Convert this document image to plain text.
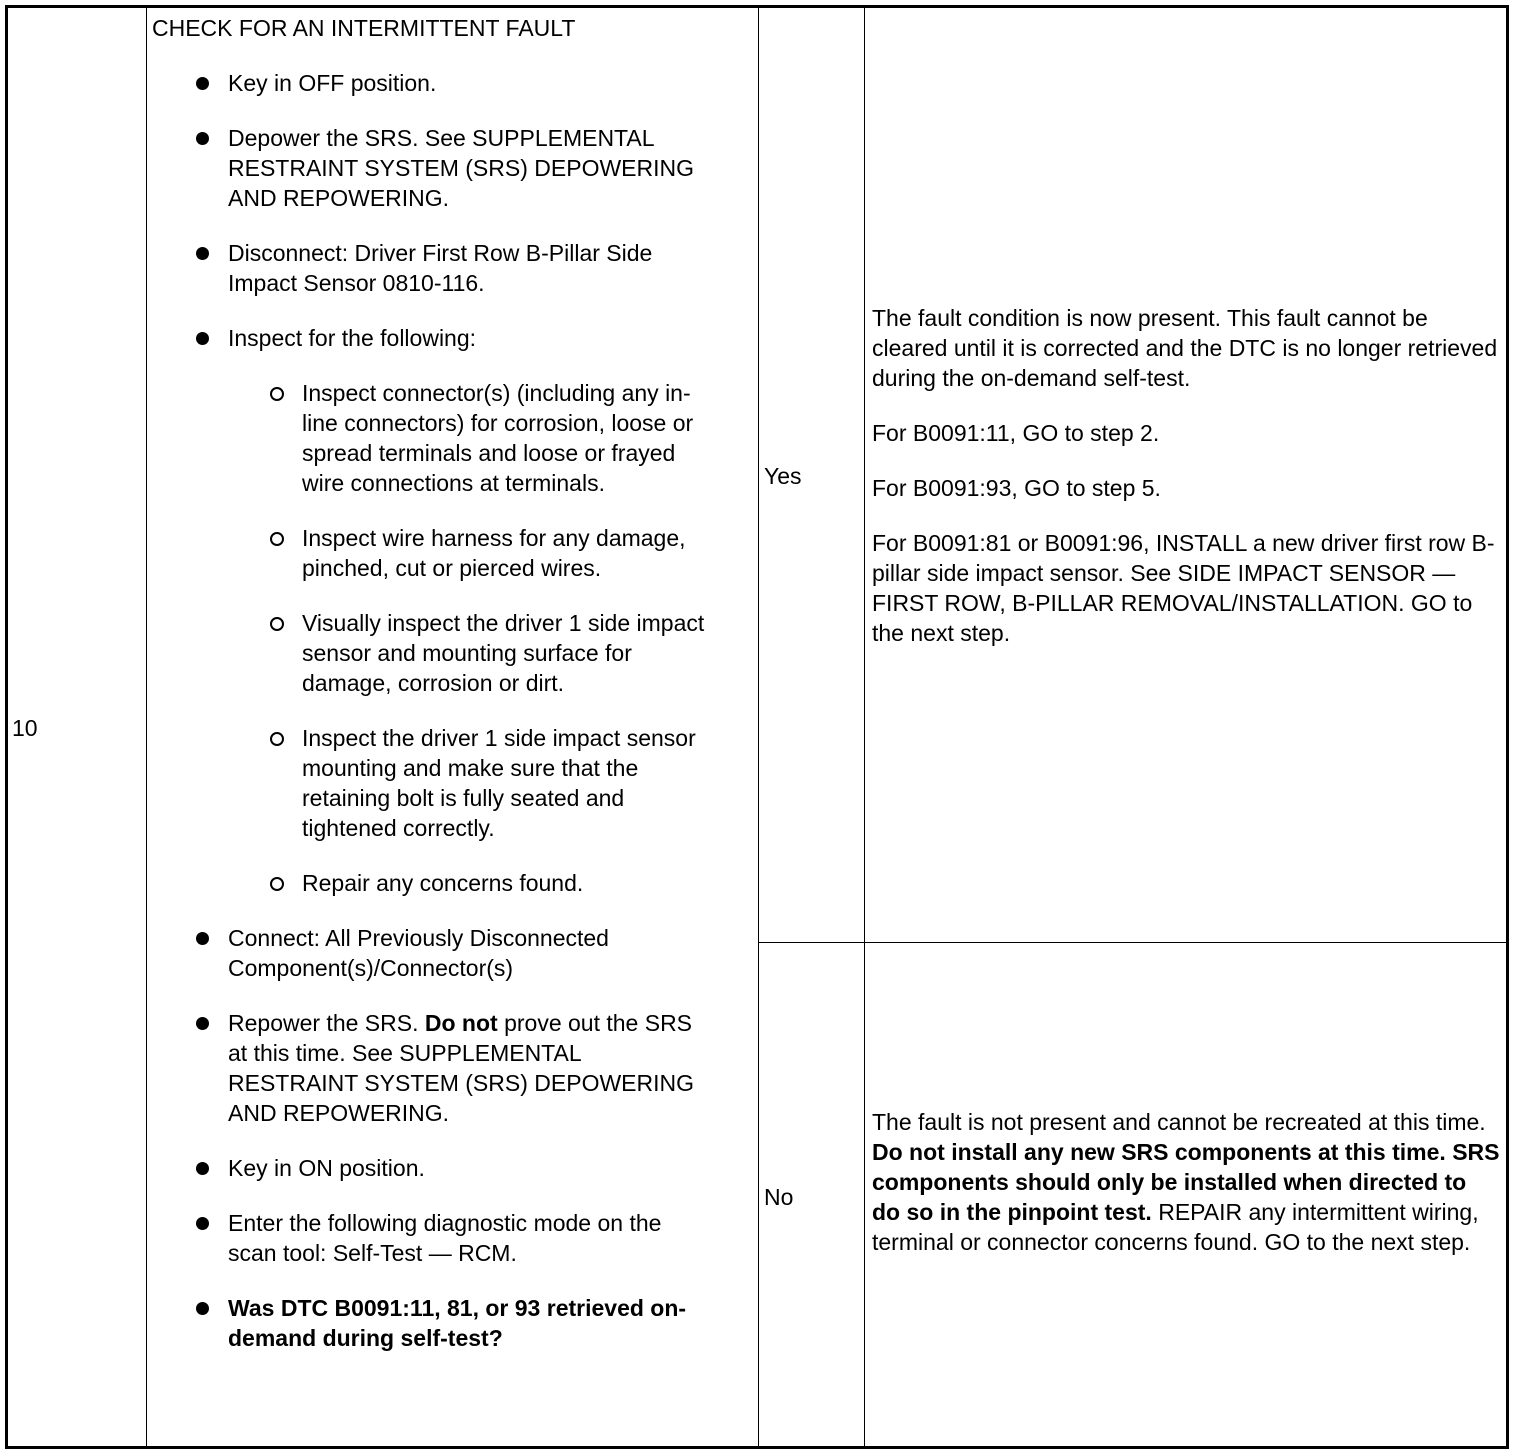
10
CHECK FOR AN INTERMITTENT FAULT
Key in OFF position.
Depower the SRS. See SUPPLEMENTAL RESTRAINT SYSTEM (SRS) DEPOWERING AND REPOWERING.
Disconnect: Driver First Row B-Pillar Side Impact Sensor 0810-116.
Inspect for the following:
Inspect connector(s) (including any in-line connectors) for corrosion, loose or spread terminals and loose or frayed wire connections at terminals.
Inspect wire harness for any damage, pinched, cut or pierced wires.
Visually inspect the driver 1 side impact sensor and mounting surface for damage, corrosion or dirt.
Inspect the driver 1 side impact sensor mounting and make sure that the retaining bolt is fully seated and tightened correctly.
Repair any concerns found.
Connect: All Previously Disconnected Component(s)/Connector(s)
Repower the SRS. Do not prove out the SRS at this time. See SUPPLEMENTAL RESTRAINT SYSTEM (SRS) DEPOWERING AND REPOWERING.
Key in ON position.
Enter the following diagnostic mode on the scan tool: Self-Test — RCM.
Was DTC B0091:11, 81, or 93 retrieved on-demand during self-test?
Yes

The fault condition is now present. This fault cannot be cleared until it is corrected and the DTC is no longer retrieved during the on-demand self-test.

For B0091:11, GO to step 2.

For B0091:93, GO to step 5.

For B0091:81 or B0091:96, INSTALL a new driver first row B-pillar side impact sensor. See SIDE IMPACT SENSOR — FIRST ROW, B-PILLAR REMOVAL/INSTALLATION. GO to the next step.

No

The fault is not present and cannot be recreated at this time. Do not install any new SRS components at this time. SRS components should only be installed when directed to do so in the pinpoint test. REPAIR any intermittent wiring, terminal or connector concerns found. GO to the next step.
